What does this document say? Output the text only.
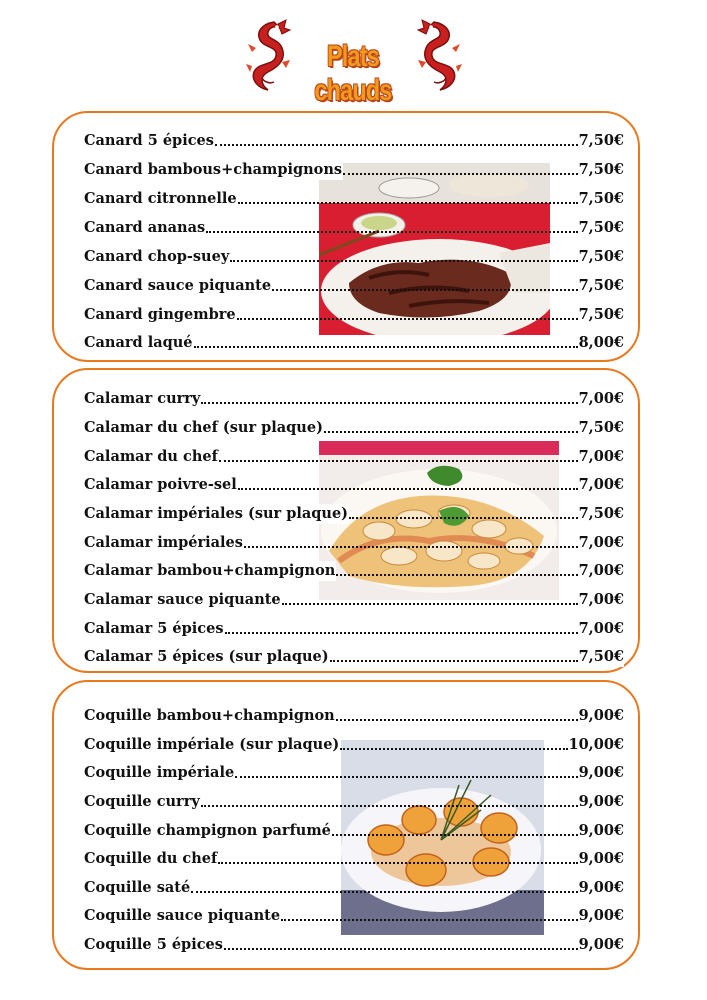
Plats chauds
Canard 5 épices	7,50€
Canard bambous+champignons	7,50€
Canard citronnelle	7,50€
Canard ananas	7,50€
Canard chop-suey	7,50€
Canard sauce piquante	7,50€
Canard gingembre	7,50€
Canard laqué	8,00€
Calamar curry	7,00€
Calamar du chef (sur plaque)	7,50€
Calamar du chef	7,00€
Calamar poivre-sel	7,00€
Calamar impériales (sur plaque)	7,50€
Calamar impériales	7,00€
Calamar bambou+champignon	7,00€
Calamar sauce piquante	7,00€
Calamar 5 épices	7,00€
Calamar 5 épices (sur plaque)	7,50€
Coquille bambou+champignon	9,00€
Coquille impériale (sur plaque)	10,00€
Coquille impériale	9,00€
Coquille curry	9,00€
Coquille champignon parfumé	9,00€
Coquille du chef	9,00€
Coquille saté	9,00€
Coquille sauce piquante	9,00€
Coquille 5 épices	9,00€
